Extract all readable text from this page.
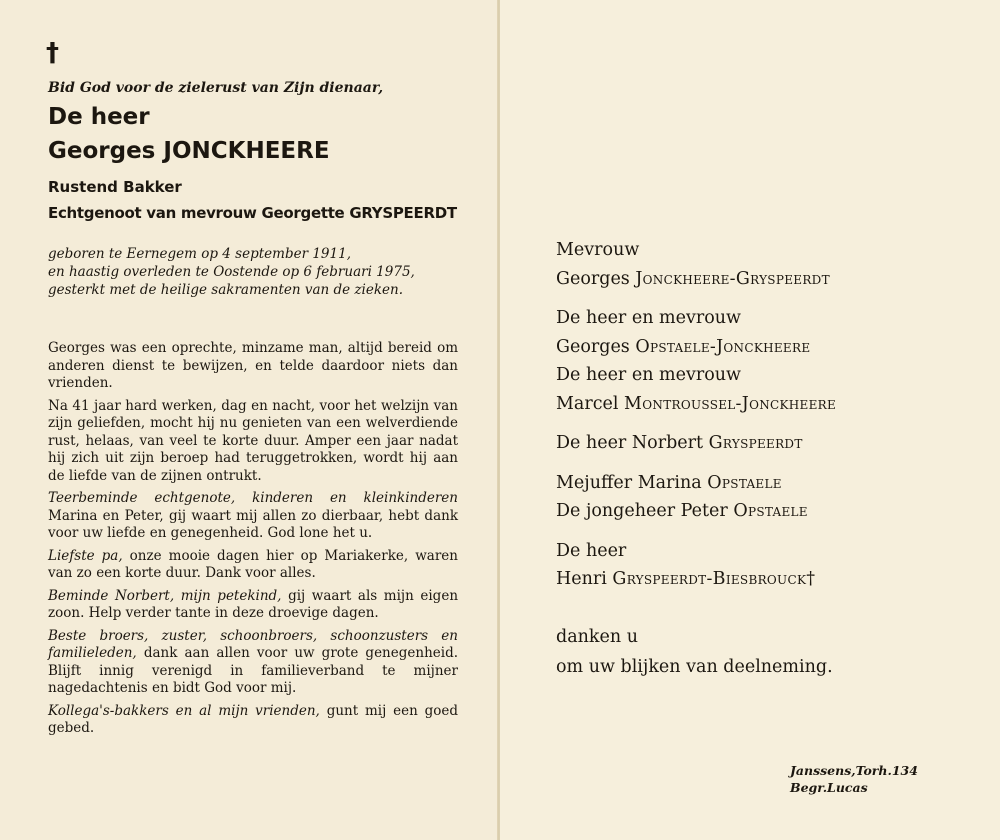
†
Bid God voor de zielerust van Zijn dienaar,
De heer
Georges JONCKHEERE
Rustend Bakker
Echtgenoot van mevrouw Georgette GRYSPEERDT
geboren te Eernegem op 4 september 1911,
en haastig overleden te Oostende op 6 februari 1975,
gesterkt met de heilige sakramenten van de zieken.

Georges was een oprechte, minzame man, altijd bereid om anderen dienst te bewijzen, en telde daardoor niets dan vrienden.

Na 41 jaar hard werken, dag en nacht, voor het welzijn van zijn geliefden, mocht hij nu genieten van een welverdiende rust, helaas, van veel te korte duur. Amper een jaar nadat hij zich uit zijn beroep had teruggetrokken, wordt hij aan de liefde van de zijnen ontrukt.

Teerbeminde echtgenote, kinderen en kleinkinderen Marina en Peter, gij waart mij allen zo dierbaar, hebt dank voor uw liefde en genegenheid. God lone het u.

Liefste pa, onze mooie dagen hier op Mariakerke, waren van zo een korte duur. Dank voor alles.

Beminde Norbert, mijn petekind, gij waart als mijn eigen zoon. Help verder tante in deze droevige dagen.

Beste broers, zuster, schoonbroers, schoonzusters en familieleden, dank aan allen voor uw grote genegenheid. Blijft innig verenigd in familieverband te mijner nagedachtenis en bidt God voor mij.

Kollega's-bakkers en al mijn vrienden, gunt mij een goed gebed.

Mevrouw
Georges Jonckheere-Gryspeerdt
De heer en mevrouw
Georges Opstaele-Jonckheere
De heer en mevrouw
Marcel Montroussel-Jonckheere
De heer Norbert Gryspeerdt
Mejuffer Marina Opstaele
De jongeheer Peter Opstaele
De heer
Henri Gryspeerdt-Biesbrouck†
danken u
om uw blijken van deelneming.
Janssens,Torh.134
Begr.Lucas
